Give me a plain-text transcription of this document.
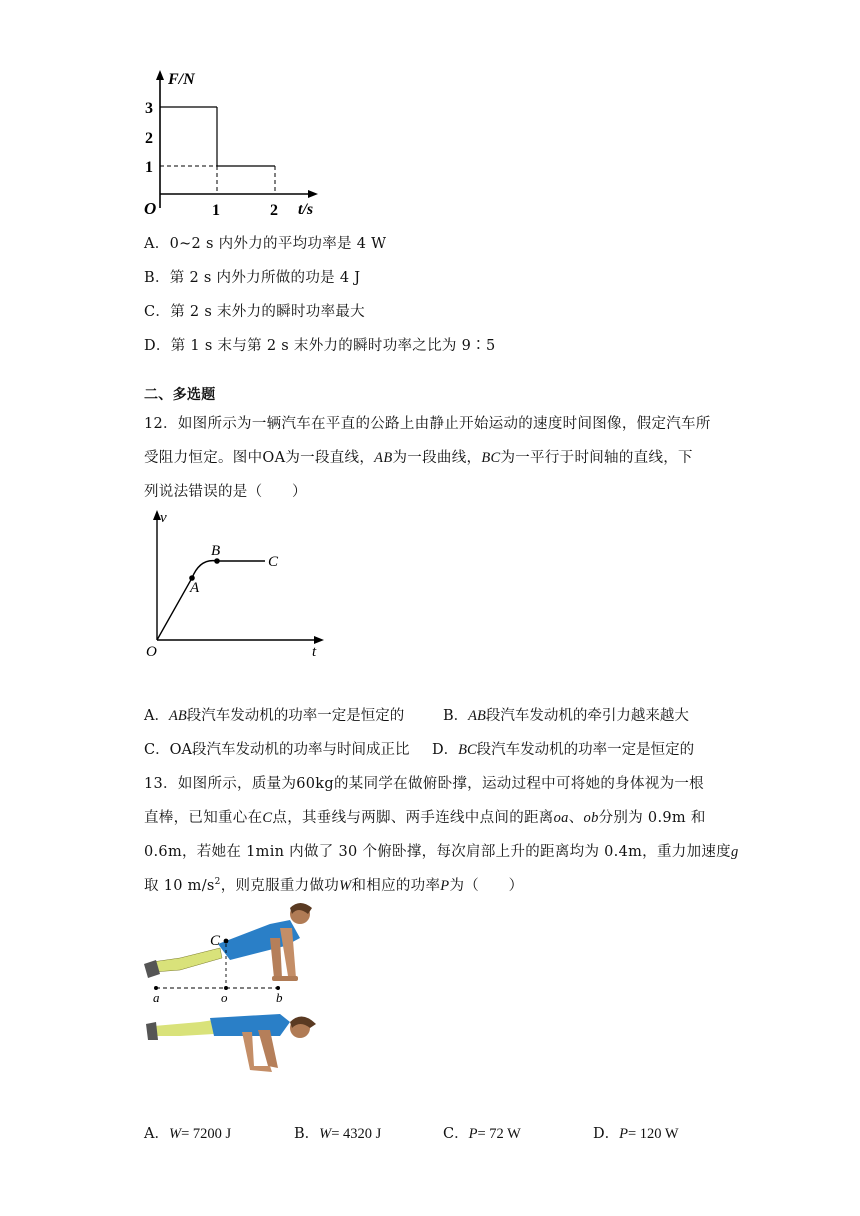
F/N
3
2
1
O	1	2 t/s
A．0~2 s 内外力的平均功率是 4 W
B．第 2 s 内外力所做的功是 4 J
C．第 2 s 末外力的瞬时功率最大
D．第 1 s 末与第 2 s 末外力的瞬时功率之比为 9∶5
二、多选题
12．如图所示为一辆汽车在平直的公路上由静止开始运动的速度时间图像，假定汽车所
受阻力恒定。图中OA为一段直线，AB为一段曲线，BC为一平行于时间轴的直线，下
列说法错误的是（　　）
v
A
B
C
O	t
A．AB段汽车发动机的功率一定是恒定的	B．AB段汽车发动机的牵引力越来越大
C．OA段汽车发动机的功率与时间成正比 D．BC段汽车发动机的功率一定是恒定的
13．如图所示，质量为60kg的某同学在做俯卧撑，运动过程中可将她的身体视为一根
直棒，已知重心在C点，其垂线与两脚、两手连线中点间的距离oa、ob分别为 0.9m 和
0.6m，若她在 1min 内做了 30 个俯卧撑，每次肩部上升的距离均为 0.4m，重力加速度g
取 10 $m/s^2$，则克服重力做功W和相应的功率P为（　　）
C
a	o	b
A．W= 7200 J	B．W= 4320 J	C．P= 72 W	D．P= 120 W
